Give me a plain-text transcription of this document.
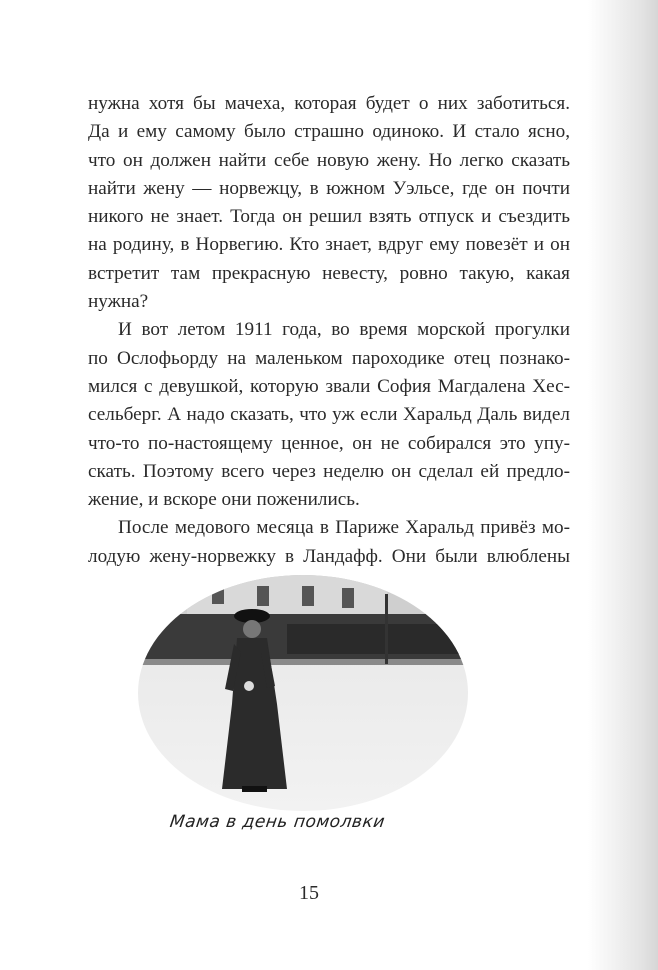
нужна хотя бы мачеха, которая будет о них заботиться.
Да и ему самому было страшно одиноко. И стало ясно,
что он должен найти себе новую жену. Но легко сказать
найти жену — норвежцу, в южном Уэльсе, где он почти
никого не знает. Тогда он решил взять отпуск и съездить
на родину, в Норвегию. Кто знает, вдруг ему повезёт и он
встретит там прекрасную невесту, ровно такую, какая
нужна?
И вот летом 1911 года, во время морской прогулки
по Ослофьорду на маленьком пароходике отец познако-
мился с девушкой, которую звали София Магдалена Хес-
сельберг. А надо сказать, что уж если Харальд Даль видел
что-то по-настоящему ценное, он не собирался это упу-
скать. Поэтому всего через неделю он сделал ей предло-
жение, и вскоре они поженились.
После медового месяца в Париже Харальд привёз мо-
лодую жену-норвежку в Ландафф. Они были влюблены
Мама в день помолвки
15
